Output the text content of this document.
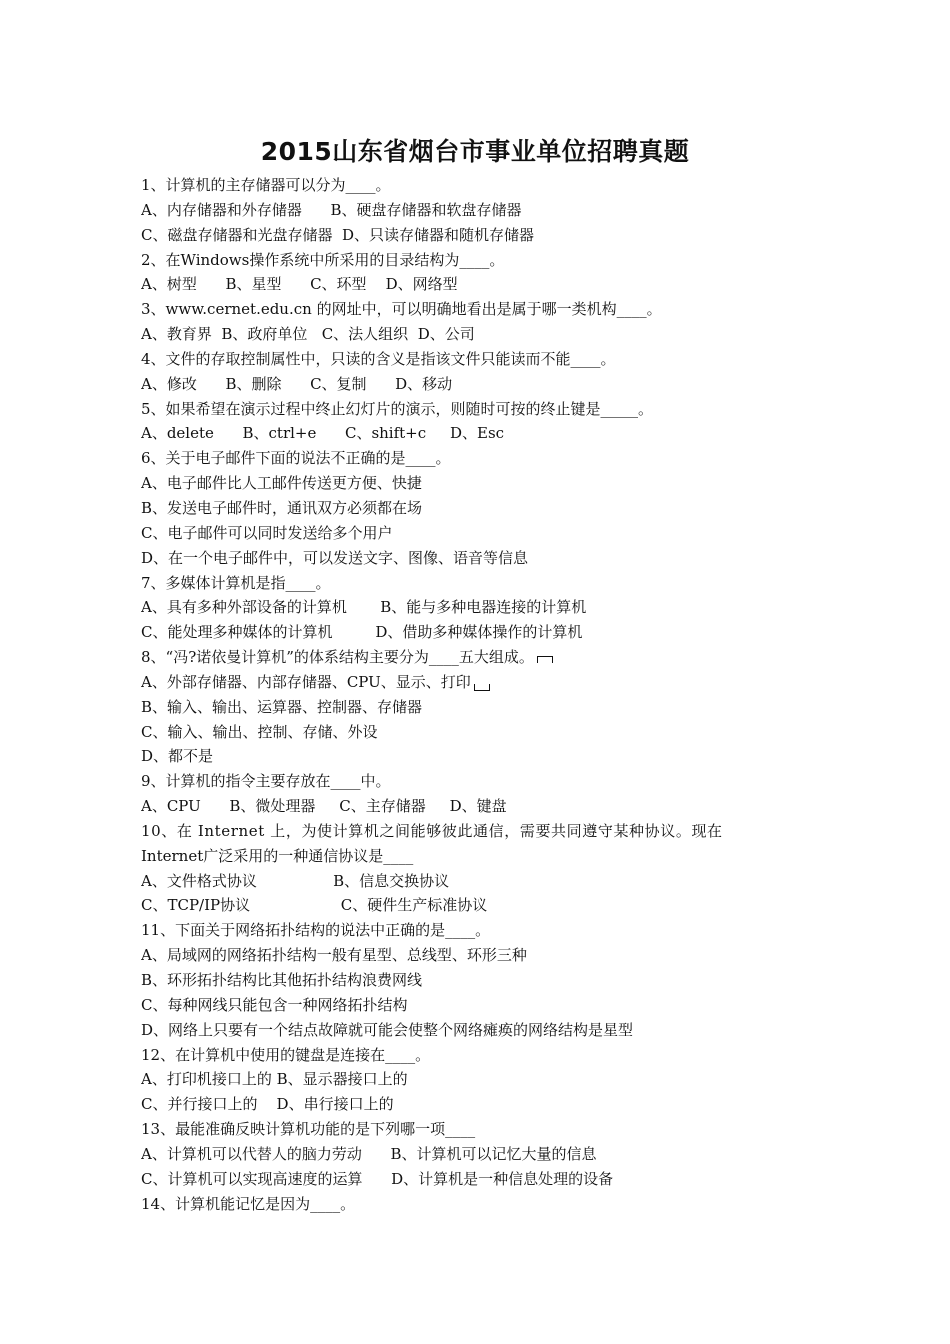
2015山东省烟台市事业单位招聘真题
1、计算机的主存储器可以分为____。
A、内存储器和外存储器      B、硬盘存储器和软盘存储器
C、磁盘存储器和光盘存储器  D、只读存储器和随机存储器
2、在Windows操作系统中所采用的目录结构为____。
A、树型      B、星型      C、环型    D、网络型
3、www.cernet.edu.cn 的网址中，可以明确地看出是属于哪一类机构____。
A、教育界  B、政府单位   C、法人组织  D、公司
4、文件的存取控制属性中，只读的含义是指该文件只能读而不能____。
A、修改      B、删除      C、复制      D、移动
5、如果希望在演示过程中终止幻灯片的演示，则随时可按的终止键是_____。
A、delete      B、ctrl+e      C、shift+c     D、Esc
6、关于电子邮件下面的说法不正确的是____。
A、电子邮件比人工邮件传送更方便、快捷
B、发送电子邮件时，通讯双方必须都在场
C、电子邮件可以同时发送给多个用户
D、在一个电子邮件中，可以发送文字、图像、语音等信息
7、多媒体计算机是指____。
A、具有多种外部设备的计算机       B、能与多种电器连接的计算机
C、能处理多种媒体的计算机         D、借助多种媒体操作的计算机
8、“冯?诺依曼计算机”的体系结构主要分为____五大组成。
A、外部存储器、内部存储器、CPU、显示、打印
B、输入、输出、运算器、控制器、存储器
C、输入、输出、控制、存储、外设
D、都不是
9、计算机的指令主要存放在____中。
A、CPU      B、微处理器     C、主存储器     D、键盘
10、在 Internet 上，为使计算机之间能够彼此通信，需要共同遵守某种协议。现在
Internet广泛采用的一种通信协议是____
A、文件格式协议                B、信息交换协议
C、TCP/IP协议                   C、硬件生产标准协议
11、下面关于网络拓扑结构的说法中正确的是____。
A、局域网的网络拓扑结构一般有星型、总线型、环形三种
B、环形拓扑结构比其他拓扑结构浪费网线
C、每种网线只能包含一种网络拓扑结构
D、网络上只要有一个结点故障就可能会使整个网络瘫痪的网络结构是星型
12、在计算机中使用的键盘是连接在____。
A、打印机接口上的 B、显示器接口上的
C、并行接口上的    D、串行接口上的
13、最能准确反映计算机功能的是下列哪一项____
A、计算机可以代替人的脑力劳动      B、计算机可以记忆大量的信息
C、计算机可以实现高速度的运算      D、计算机是一种信息处理的设备
14、计算机能记忆是因为____。
